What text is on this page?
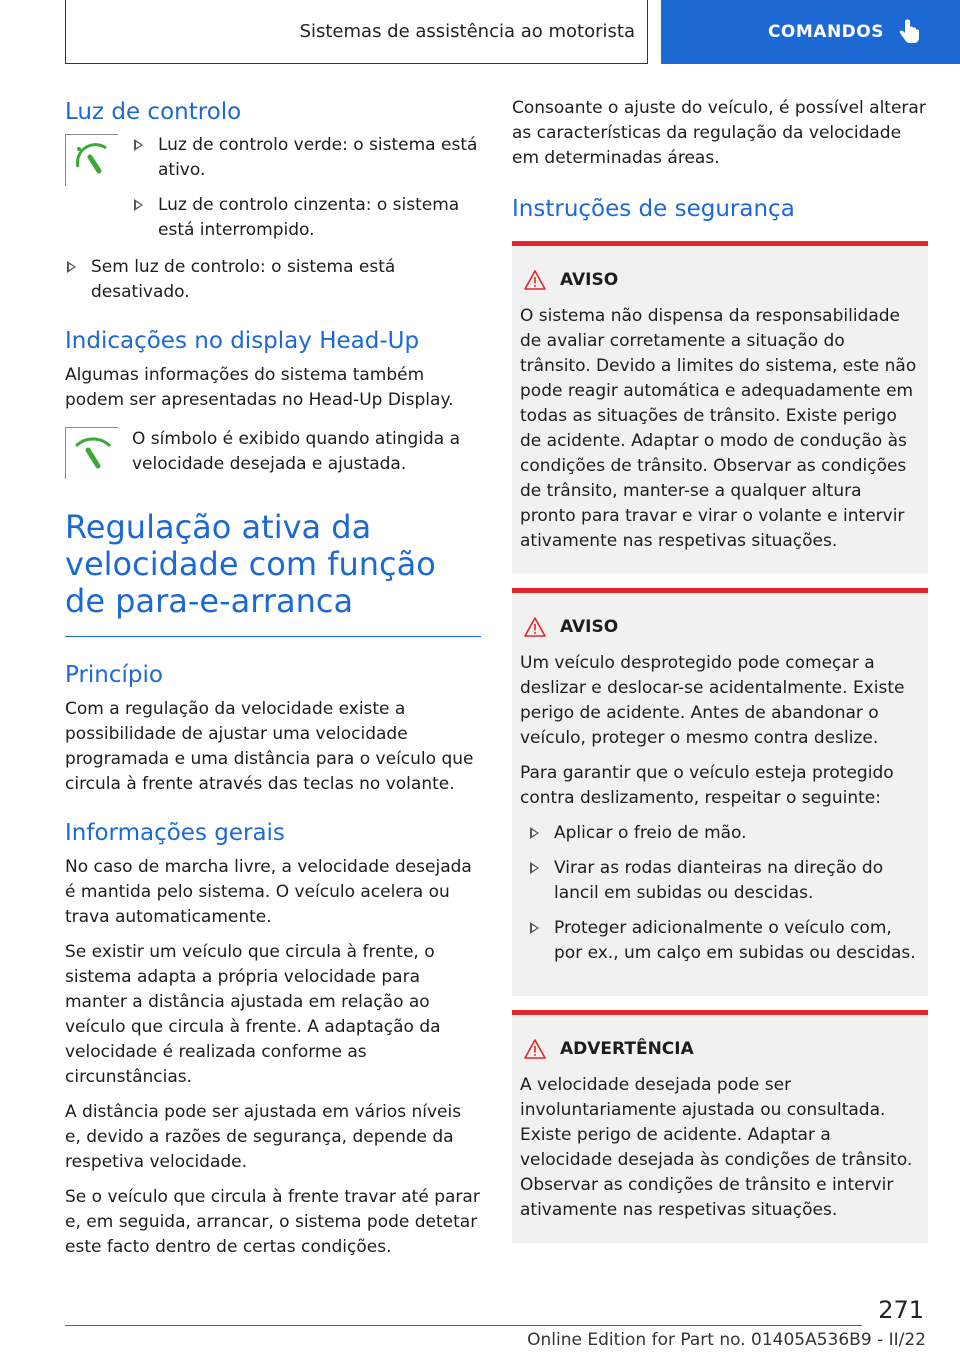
Sistemas de assistência ao motorista	COMANDOS
Luz de controlo
Luz de controlo verde: o sistema está ativo.
Luz de controlo cinzenta: o sistema está interrompido.
Sem luz de controlo: o sistema está desativado.
Indicações no display Head-Up

Algumas informações do sistema também podem ser apresentadas no Head-Up Display.

O símbolo é exibido quando atingida a velocidade desejada e ajustada.

Regulação ativa da velocidade com função de para-e-arranca
Princípio

Com a regulação da velocidade existe a possibilidade de ajustar uma velocidade programada e uma distância para o veículo que circula à frente através das teclas no volante.

Informações gerais

No caso de marcha livre, a velocidade desejada é mantida pelo sistema. O veículo acelera ou trava automaticamente.

Se existir um veículo que circula à frente, o sistema adapta a própria velocidade para manter a distância ajustada em relação ao veículo que circula à frente. A adaptação da velocidade é realizada conforme as circunstâncias.

A distância pode ser ajustada em vários níveis e, devido a razões de segurança, depende da respetiva velocidade.

Se o veículo que circula à frente travar até parar e, em seguida, arrancar, o sistema pode detetar este facto dentro de certas condições.

Consoante o ajuste do veículo, é possível alterar as características da regulação da velocidade em determinadas áreas.

Instruções de segurança
AVISO

O sistema não dispensa da responsabilidade de avaliar corretamente a situação do trânsito. Devido a limites do sistema, este não pode reagir automática e adequadamente em todas as situações de trânsito. Existe perigo de acidente. Adaptar o modo de condução às condições de trânsito. Observar as condições de trânsito, manter-se a qualquer altura pronto para travar e virar o volante e intervir ativamente nas respetivas situações.

AVISO

Um veículo desprotegido pode começar a deslizar e deslocar-se acidentalmente. Existe perigo de acidente. Antes de abandonar o veículo, proteger o mesmo contra deslize.

Para garantir que o veículo esteja protegido contra deslizamento, respeitar o seguinte:

Aplicar o freio de mão.
Virar as rodas dianteiras na direção do lancil em subidas ou descidas.
Proteger adicionalmente o veículo com, por ex., um calço em subidas ou descidas.
ADVERTÊNCIA

A velocidade desejada pode ser involuntariamente ajustada ou consultada. Existe perigo de acidente. Adaptar a velocidade desejada às condições de trânsito. Observar as condições de trânsito e intervir ativamente nas respetivas situações.

271
Online Edition for Part no. 01405A536B9 - II/22
